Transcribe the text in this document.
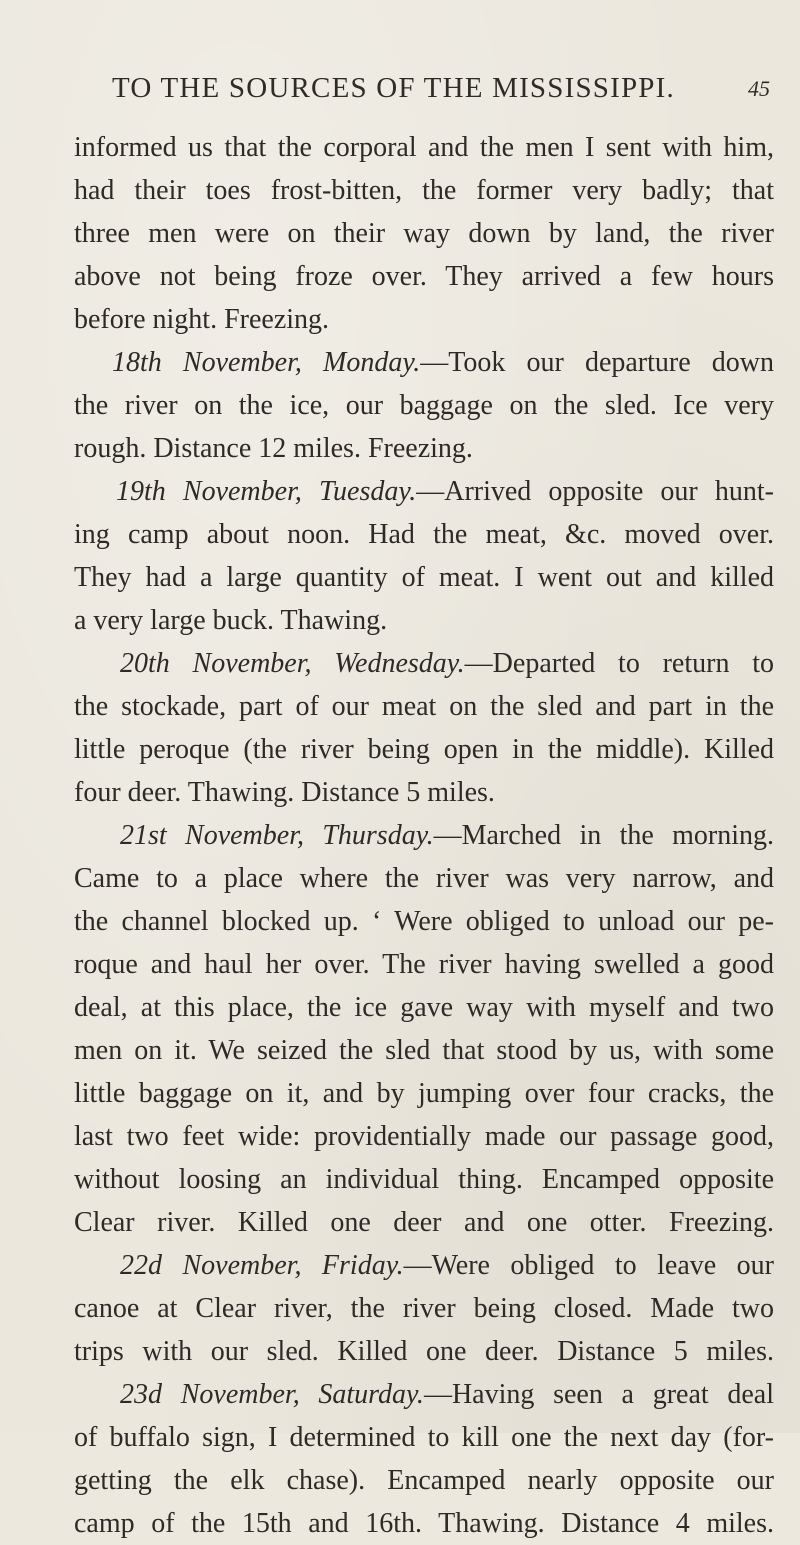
TO THE SOURCES OF THE MISSISSIPPI.	45
informed us that the corporal and the men I sent with him,
had their toes frost-bitten, the former very badly; that
three men were on their way down by land, the river
above not being froze over. They arrived a few hours
before night. Freezing.
18th November, Monday.—Took our departure down
the river on the ice, our baggage on the sled. Ice very
rough. Distance 12 miles. Freezing.
19th November, Tuesday.—Arrived opposite our hunt-
ing camp about noon. Had the meat, &c. moved over.
They had a large quantity of meat. I went out and killed
a very large buck. Thawing.
20th November, Wednesday.—Departed to return to
the stockade, part of our meat on the sled and part in the
little peroque (the river being open in the middle). Killed
four deer. Thawing. Distance 5 miles.
21st November, Thursday.—Marched in the morning.
Came to a place where the river was very narrow, and
the channel blocked up. ‘ Were obliged to unload our pe-
roque and haul her over. The river having swelled a good
deal, at this place, the ice gave way with myself and two
men on it. We seized the sled that stood by us, with some
little baggage on it, and by jumping over four cracks, the
last two feet wide: providentially made our passage good,
without loosing an individual thing. Encamped opposite
Clear river. Killed one deer and one otter. Freezing.
22d November, Friday.—Were obliged to leave our
canoe at Clear river, the river being closed. Made two
trips with our sled. Killed one deer. Distance 5 miles.
23d November, Saturday.—Having seen a great deal
of buffalo sign, I determined to kill one the next day (for-
getting the elk chase). Encamped nearly opposite our
camp of the 15th and 16th. Thawing. Distance 4 miles.
